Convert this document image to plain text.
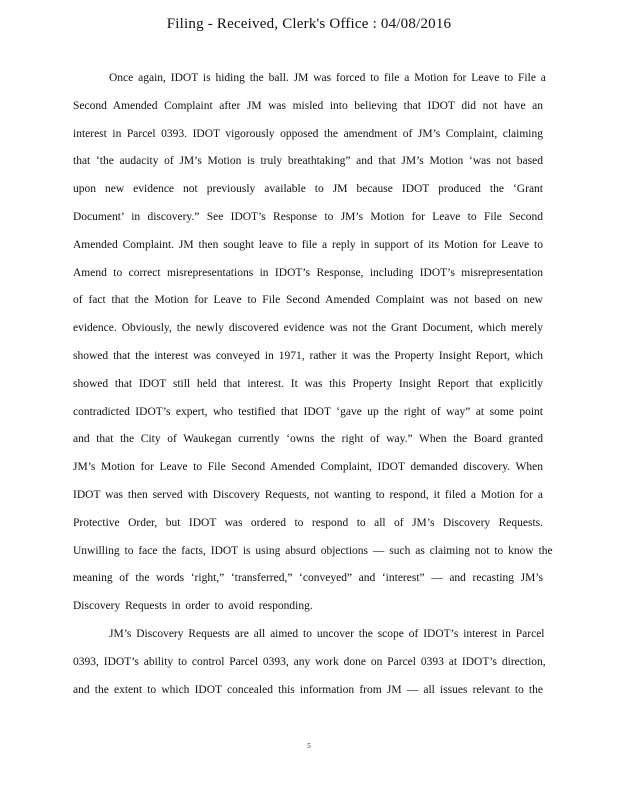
Filing - Received, Clerk's Office : 04/08/2016
Once again, IDOT is hiding the ball. JM was forced to file a Motion for Leave to File a
Second Amended Complaint after JM was misled into believing that IDOT did not have an
interest in Parcel 0393. IDOT vigorously opposed the amendment of JM’s Complaint, claiming
that ‘the audacity of JM’s Motion is truly breathtaking” and that JM’s Motion ‘was not based
upon new evidence not previously available to JM because IDOT produced the ‘Grant
Document’ in discovery.” See IDOT’s Response to JM’s Motion for Leave to File Second
Amended Complaint. JM then sought leave to file a reply in support of its Motion for Leave to
Amend to correct misrepresentations in IDOT’s Response, including IDOT’s misrepresentation
of fact that the Motion for Leave to File Second Amended Complaint was not based on new
evidence. Obviously, the newly discovered evidence was not the Grant Document, which merely
showed that the interest was conveyed in 1971, rather it was the Property Insight Report, which
showed that IDOT still held that interest. It was this Property Insight Report that explicitly
contradicted IDOT’s expert, who testified that IDOT ‘gave up the right of way” at some point
and that the City of Waukegan currently ‘owns the right of way.” When the Board granted
JM’s Motion for Leave to File Second Amended Complaint, IDOT demanded discovery. When
IDOT was then served with Discovery Requests, not wanting to respond, it filed a Motion for a
Protective Order, but IDOT was ordered to respond to all of JM’s Discovery Requests.
Unwilling to face the facts, IDOT is using absurd objections — such as claiming not to know the
meaning of the words ‘right,” ‘transferred,” ‘conveyed” and ‘interest” — and recasting JM’s
Discovery Requests in order to avoid responding.
JM’s Discovery Requests are all aimed to uncover the scope of IDOT’s interest in Parcel
0393, IDOT’s ability to control Parcel 0393, any work done on Parcel 0393 at IDOT’s direction,
and the extent to which IDOT concealed this information from JM — all issues relevant to the
5
